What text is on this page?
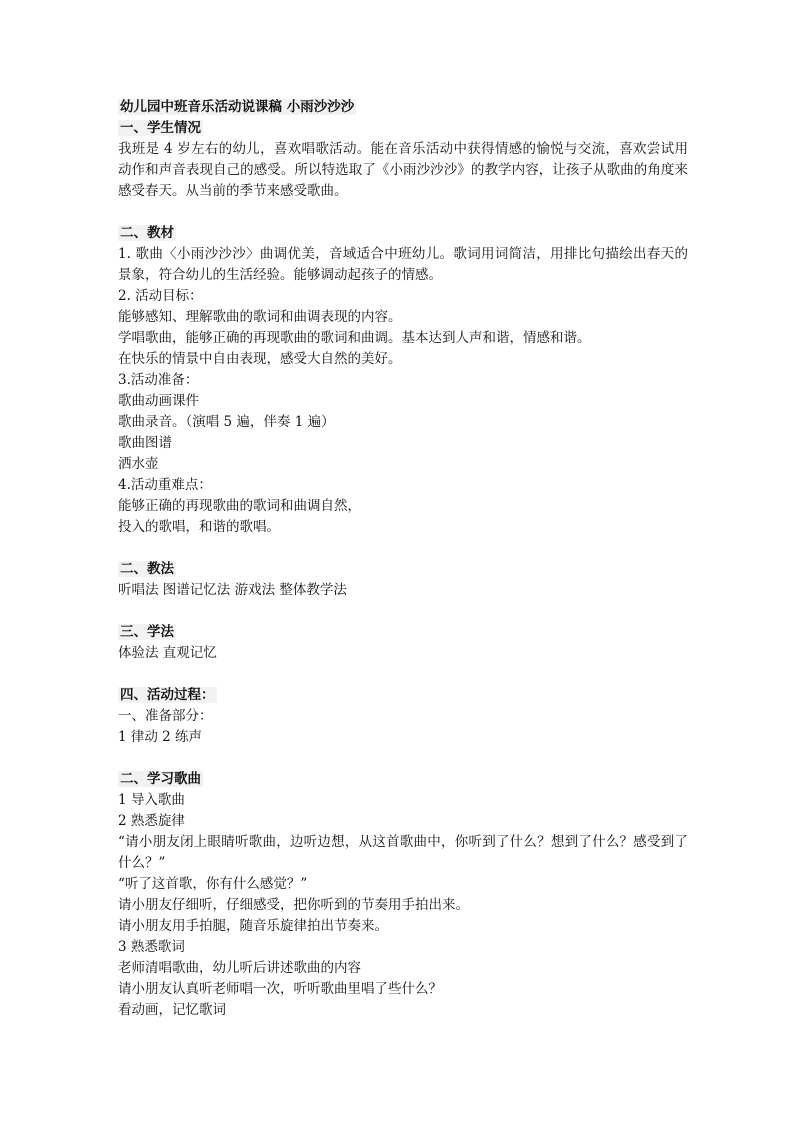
幼儿园中班音乐活动说课稿 小雨沙沙沙
一、学生情况
我班是 4 岁左右的幼儿，喜欢唱歌活动。能在音乐活动中获得情感的愉悦与交流，喜欢尝试用动作和声音表现自己的感受。所以特选取了《小雨沙沙沙》的教学内容，让孩子从歌曲的角度来感受春天。从当前的季节来感受歌曲。
二、教材
1. 歌曲〈小雨沙沙沙〉曲调优美，音域适合中班幼儿。歌词用词简洁，用排比句描绘出春天的景象，符合幼儿的生活经验。能够调动起孩子的情感。
2. 活动目标：
能够感知、理解歌曲的歌词和曲调表现的内容。
学唱歌曲，能够正确的再现歌曲的歌词和曲调。基本达到人声和谐，情感和谐。
在快乐的情景中自由表现，感受大自然的美好。
3.活动准备：
歌曲动画课件
歌曲录音。（演唱 5 遍，伴奏 1 遍）
歌曲图谱
洒水壶
4.活动重难点：
能够正确的再现歌曲的歌词和曲调自然，
投入的歌唱，和谐的歌唱。
二、教法
听唱法 图谱记忆法 游戏法 整体教学法
三、学法
体验法 直观记忆
四、活动过程：
一、准备部分：
1 律动 2 练声
二、学习歌曲
1 导入歌曲
2 熟悉旋律
“请小朋友闭上眼睛听歌曲，边听边想，从这首歌曲中，你听到了什么？想到了什么？感受到了什么？”
“听了这首歌，你有什么感觉？”
请小朋友仔细听，仔细感受，把你听到的节奏用手拍出来。
请小朋友用手拍腿，随音乐旋律拍出节奏来。
3 熟悉歌词
老师清唱歌曲，幼儿听后讲述歌曲的内容
请小朋友认真听老师唱一次，听听歌曲里唱了些什么？
看动画，记忆歌词
